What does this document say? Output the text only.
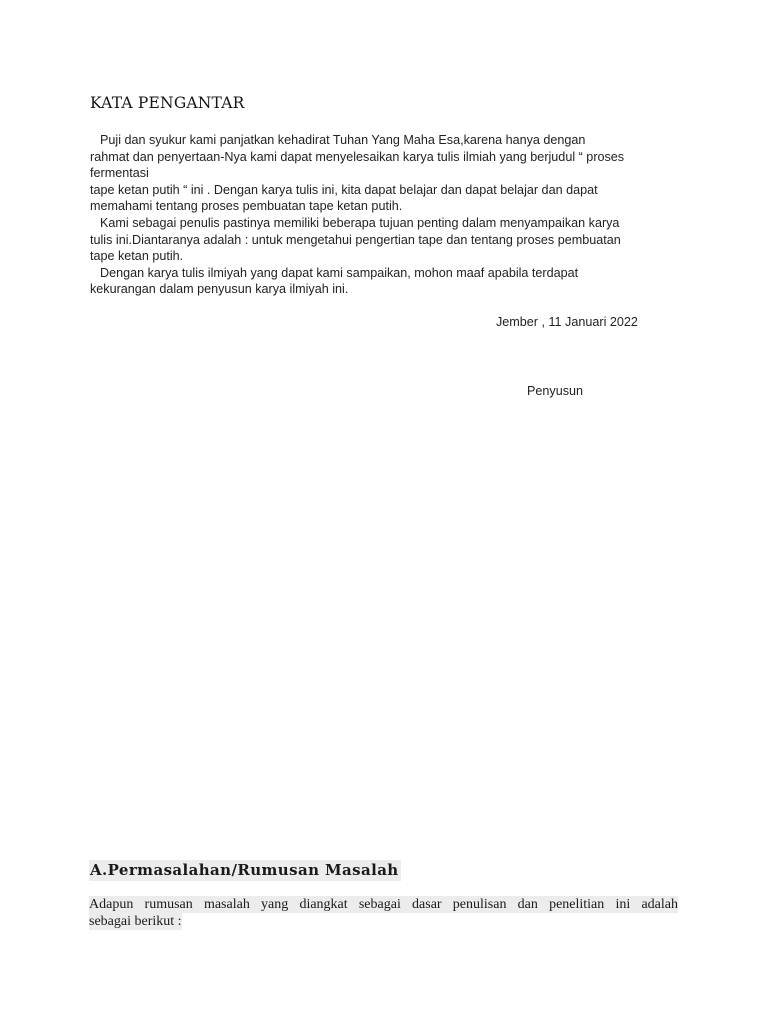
KATA PENGANTAR
Puji dan syukur kami panjatkan kehadirat Tuhan Yang Maha Esa,karena hanya dengan
rahmat dan penyertaan-Nya kami dapat menyelesaikan karya tulis ilmiah yang berjudul “ proses
fermentasi
tape ketan putih “ ini . Dengan karya tulis ini, kita dapat belajar dan dapat belajar dan dapat
memahami tentang proses pembuatan tape ketan putih.
Kami sebagai penulis pastinya memiliki beberapa tujuan penting dalam menyampaikan karya
tulis ini.Diantaranya adalah : untuk mengetahui pengertian tape dan tentang proses pembuatan
tape ketan putih.
Dengan karya tulis ilmiyah yang dapat kami sampaikan, mohon maaf apabila terdapat
kekurangan dalam penyusun karya ilmiyah ini.
Jember , 11 Januari 2022
Penyusun
A.Permasalahan/Rumusan Masalah
Adapun rumusan masalah yang diangkat sebagai dasar penulisan dan penelitian ini adalah
sebagai berikut :
